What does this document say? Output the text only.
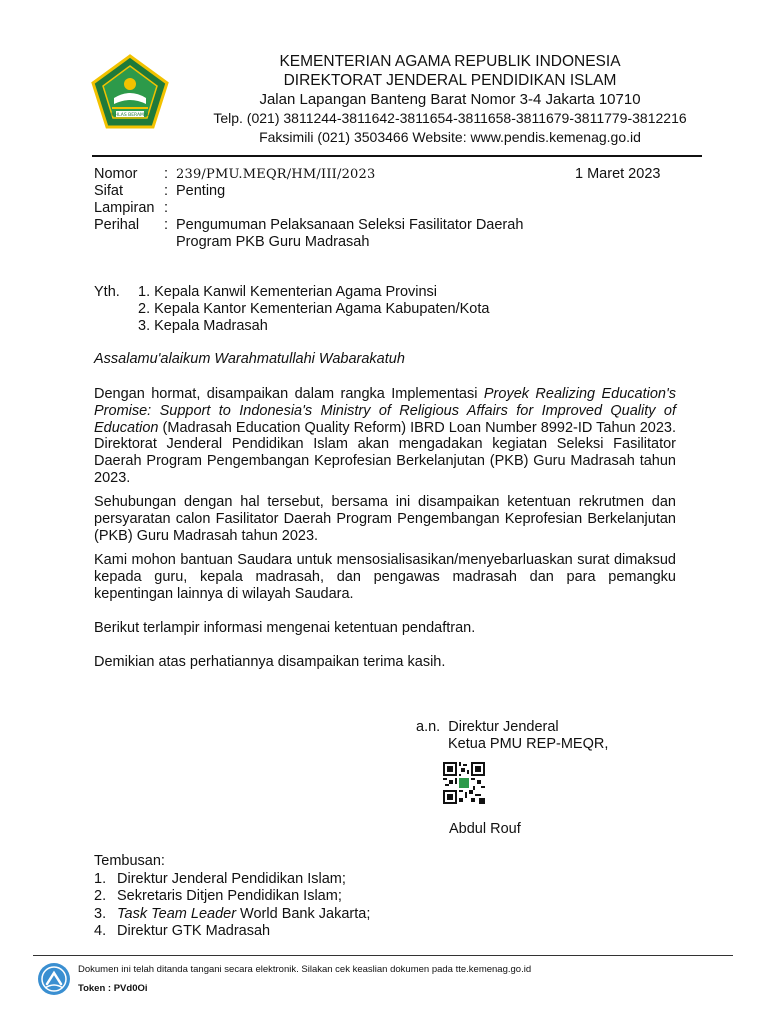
IKHLAS BERAMAL
KEMENTERIAN AGAMA REPUBLIK INDONESIA
DIREKTORAT JENDERAL PENDIDIKAN ISLAM
Jalan Lapangan Banteng Barat Nomor 3-4 Jakarta 10710
Telp. (021) 3811244-3811642-3811654-3811658-3811679-3811779-3812216
Faksimili (021) 3503466 Website: www.pendis.kemenag.go.id
Nomor	: 239/PMU.MEQR/HM/III/2023
Sifat	: Penting
Lampiran :
Perihal	: Pengumuman Pelaksanaan Seleksi Fasilitator Daerah
Program PKB Guru Madrasah
1 Maret 2023
Yth.	1. Kepala Kanwil Kementerian Agama Provinsi
2. Kepala Kantor Kementerian Agama Kabupaten/Kota
3. Kepala Madrasah
Assalamu'alaikum Warahmatullahi Wabarakatuh
Dengan hormat, disampaikan dalam rangka Implementasi Proyek Realizing Education's Promise: Support to Indonesia's Ministry of Religious Affairs for Improved Quality of Education (Madrasah Education Quality Reform) IBRD Loan Number 8992-ID Tahun 2023. Direktorat Jenderal Pendidikan Islam akan mengadakan kegiatan Seleksi Fasilitator Daerah Program Pengembangan Keprofesian Berkelanjutan (PKB) Guru Madrasah tahun 2023.
Sehubungan dengan hal tersebut, bersama ini disampaikan ketentuan rekrutmen dan persyaratan calon Fasilitator Daerah Program Pengembangan Keprofesian Berkelanjutan (PKB) Guru Madrasah tahun 2023.
Kami mohon bantuan Saudara untuk mensosialisasikan/menyebarluaskan surat dimaksud kepada guru, kepala madrasah, dan pengawas madrasah dan para pemangku kepentingan lainnya di wilayah Saudara.
Berikut terlampir informasi mengenai ketentuan pendaftran.
Demikian atas perhatiannya disampaikan terima kasih.
a.n. Direktur Jenderal
Ketua PMU REP-MEQR,
Abdul Rouf
Tembusan:
1. Direktur Jenderal Pendidikan Islam;
2. Sekretaris Ditjen Pendidikan Islam;
3. Task Team Leader World Bank Jakarta;
4. Direktur GTK Madrasah
Dokumen ini telah ditanda tangani secara elektronik. Silakan cek keaslian dokumen pada tte.kemenag.go.id
Token : PVd0Oi
